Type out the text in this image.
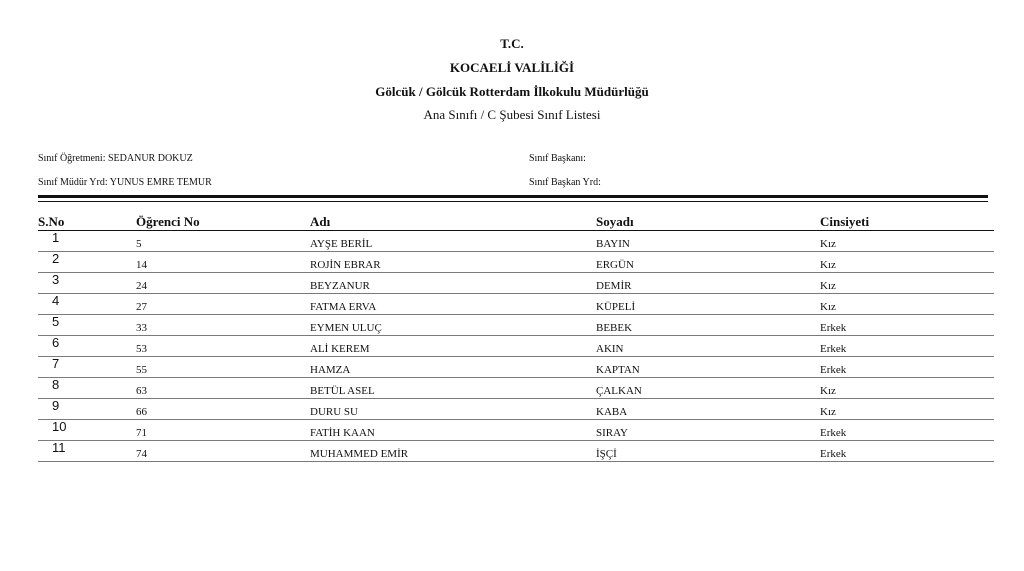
T.C.
KOCAELİ VALİLİĞİ
Gölcük / Gölcük Rotterdam İlkokulu Müdürlüğü
Ana Sınıfı / C Şubesi Sınıf Listesi
Sınıf Öğretmeni: SEDANUR DOKUZ
Sınıf Müdür Yrd: YUNUS EMRE TEMUR
Sınıf Başkanı:
Sınıf Başkan Yrd:
S.No	Öğrenci No	Adı	Soyadı	Cinsiyeti
1	5	AYŞE BERİL	BAYIN	Kız
2	14	ROJİN EBRAR	ERGÜN	Kız
3	24	BEYZANUR	DEMİR	Kız
4	27	FATMA ERVA	KÜPELİ	Kız
5	33	EYMEN ULUÇ	BEBEK	Erkek
6	53	ALİ KEREM	AKIN	Erkek
7	55	HAMZA	KAPTAN	Erkek
8	63	BETÜL ASEL	ÇALKAN	Kız
9	66	DURU SU	KABA	Kız
10	71	FATİH KAAN	SIRAY	Erkek
11	74	MUHAMMED EMİR	İŞÇİ	Erkek
